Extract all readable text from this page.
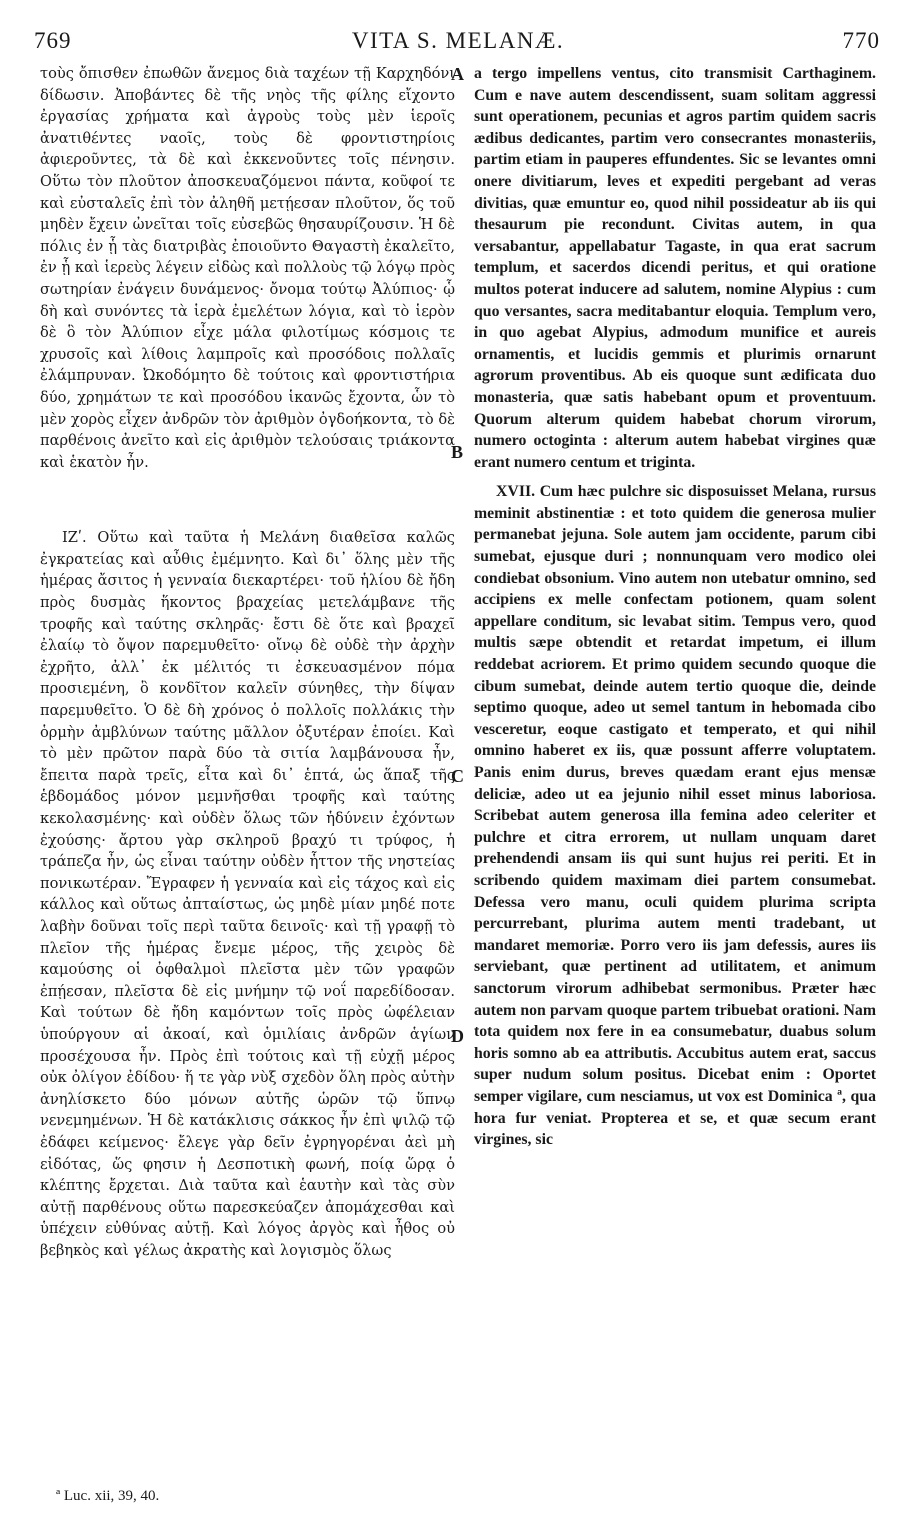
769	VITA S. MELANÆ.	770

τοὺς ὄπισθεν ἐπωθῶν ἄνεμος διὰ ταχέων τῇ Καρχηδόνι δίδωσιν. Ἀποβάντες δὲ τῆς νηὸς τῆς φίλης εἴχοντο ἐργασίας χρήματα καὶ ἀγροὺς τοὺς μὲν ἱεροῖς ἀνατιθέντες ναοῖς, τοὺς δὲ φροντιστηρίοις ἀφιεροῦντες, τὰ δὲ καὶ ἐκκενοῦντες τοῖς πένησιν. Οὕτω τὸν πλοῦτον ἀποσκευαζόμενοι πάντα, κοῦφοί τε καὶ εὐσταλεῖς ἐπὶ τὸν ἀληθῆ μετῄεσαν πλοῦτον, ὅς τοῦ μηδὲν ἔχειν ὠνεῖται τοῖς εὐσεβῶς θησαυρίζουσιν. Ἡ δὲ πόλις ἐν ᾗ τὰς διατριβὰς ἐποιοῦντο Θαγαστὴ ἐκαλεῖτο, ἐν ᾗ καὶ ἱερεὺς λέγειν εἰδὼς καὶ πολλοὺς τῷ λόγῳ πρὸς σωτηρίαν ἐνάγειν δυνάμενος· ὄνομα τούτῳ Ἀλύπιος· ᾧ δὴ καὶ συνόντες τὰ ἱερὰ ἐμελέτων λόγια, καὶ τὸ ἱερὸν δὲ ὃ τὸν Ἀλύπιον εἶχε μάλα φιλοτίμως κόσμοις τε χρυσοῖς καὶ λίθοις λαμπροῖς καὶ προσόδοις πολλαῖς ἐλάμπρυναν. Ὠκοδόμητο δὲ τούτοις καὶ φροντιστήρια δύο, χρημάτων τε καὶ προσόδου ἱκανῶς ἔχοντα, ὧν τὸ μὲν χορὸς εἶχεν ἀνδρῶν τὸν ἀριθμὸν ὀγδοήκοντα, τὸ δὲ παρθένοις ἀνεῖτο καὶ εἰς ἀριθμὸν τελούσαις τριάκοντα καὶ ἑκατὸν ἦν.

ΙΖʹ. Οὕτω καὶ ταῦτα ἡ Μελάνη διαθεῖσα καλῶς ἐγκρατείας καὶ αὖθις ἐμέμνητο. Καὶ δι᾽ ὅλης μὲν τῆς ἡμέρας ἄσιτος ἡ γενναία διεκαρτέρει· τοῦ ἡλίου δὲ ἤδη πρὸς δυσμὰς ἥκοντος βραχείας μετελάμβανε τῆς τροφῆς καὶ ταύτης σκληρᾶς· ἔστι δὲ ὅτε καὶ βραχεῖ ἐλαίῳ τὸ ὄψον παρεμυθεῖτο· οἴνῳ δὲ οὐδὲ τὴν ἀρχὴν ἐχρῆτο, ἀλλ᾽ ἐκ μέλιτός τι ἐσκευασμένον πόμα προσιεμένη, ὃ κονδῖτον καλεῖν σύνηθες, τὴν δίψαν παρεμυθεῖτο. Ὁ δὲ δὴ χρόνος ὁ πολλοῖς πολλάκις τὴν ὁρμὴν ἀμβλύνων ταύτης μᾶλλον ὀξυτέραν ἐποίει. Καὶ τὸ μὲν πρῶτον παρὰ δύο τὰ σιτία λαμβάνουσα ἦν, ἔπειτα παρὰ τρεῖς, εἶτα καὶ δι᾽ ἑπτά, ὡς ἅπαξ τῆς ἑβδομάδος μόνον μεμνῆσθαι τροφῆς καὶ ταύτης κεκολασμένης· καὶ οὐδὲν ὅλως τῶν ἡδύνειν ἐχόντων ἐχούσης· ἄρτου γὰρ σκληροῦ βραχύ τι τρύφος, ἡ τράπεζα ἦν, ὡς εἶναι ταύτην οὐδὲν ἧττον τῆς νηστείας πονικωτέραν. Ἔγραφεν ἡ γενναία καὶ εἰς τάχος καὶ εἰς κάλλος καὶ οὕτως ἀπταίστως, ὡς μηδὲ μίαν μηδέ ποτε λαβὴν δοῦναι τοῖς περὶ ταῦτα δεινοῖς· καὶ τῇ γραφῇ τὸ πλεῖον τῆς ἡμέρας ἔνεμε μέρος, τῆς χειρὸς δὲ καμούσης οἱ ὀφθαλμοὶ πλεῖστα μὲν τῶν γραφῶν ἐπῄεσαν, πλεῖστα δὲ εἰς μνήμην τῷ νοΐ παρεδίδοσαν. Καὶ τούτων δὲ ἤδη καμόντων τοῖς πρὸς ὠφέλειαν ὑπούργουν αἱ ἀκοαί, καὶ ὁμιλίαις ἀνδρῶν ἁγίων προσέχουσα ἦν. Πρὸς ἐπὶ τούτοις καὶ τῇ εὐχῇ μέρος οὐκ ὀλίγον ἐδίδου· ἥ τε γὰρ νὺξ σχεδὸν ὅλη πρὸς αὐτὴν ἀνηλίσκετο δύο μόνων αὐτῆς ὡρῶν τῷ ὕπνῳ νενεμημένων. Ἡ δὲ κατάκλισις σάκκος ἦν ἐπὶ ψιλῷ τῷ ἐδάφει κείμενος· ἔλεγε γὰρ δεῖν ἐγρηγορέναι ἀεὶ μὴ εἰδότας, ὥς φησιν ἡ Δεσποτικὴ φωνή, ποίᾳ ὥρᾳ ὁ κλέπτης ἔρχεται. Διὰ ταῦτα καὶ ἑαυτὴν καὶ τὰς σὺν αὐτῇ παρθένους οὕτω παρεσκεύαζεν ἀπομάχεσθαι καὶ ὑπέχειν εὐθύνας αὐτῇ. Καὶ λόγος ἀργὸς καὶ ἦθος οὐ βεβηκὸς καὶ γέλως ἀκρατὴς καὶ λογισμὸς ὅλως

a tergo impellens ventus, cito transmisit Carthaginem. Cum e nave autem descendissent, suam solitam aggressi sunt operationem, pecunias et agros partim quidem sacris ædibus dedicantes, partim vero consecrantes monasteriis, partim etiam in pauperes effundentes. Sic se levantes omni onere divitiarum, leves et expediti pergebant ad veras divitias, quæ emuntur eo, quod nihil possideatur ab iis qui thesaurum pie recondunt. Civitas autem, in qua versabantur, appellabatur Tagaste, in qua erat sacrum templum, et sacerdos dicendi peritus, et qui oratione multos poterat inducere ad salutem, nomine Alypius : cum quo versantes, sacra meditabantur eloquia. Templum vero, in quo agebat Alypius, admodum munifice et aureis ornamentis, et lucidis gemmis et plurimis ornarunt agrorum proventibus. Ab eis quoque sunt ædificata duo monasteria, quæ satis habebant opum et proventuum. Quorum alterum quidem habebat chorum virorum, numero octoginta : alterum autem habebat virgines quæ erant numero centum et triginta.

XVII. Cum hæc pulchre sic disposuisset Melana, rursus meminit abstinentiæ : et toto quidem die generosa mulier permanebat jejuna. Sole autem jam occidente, parum cibi sumebat, ejusque duri ; nonnunquam vero modico olei condiebat obsonium. Vino autem non utebatur omnino, sed accipiens ex melle confectam potionem, quam solent appellare conditum, sic levabat sitim. Tempus vero, quod multis sæpe obtendit et retardat impetum, ei illum reddebat acriorem. Et primo quidem secundo quoque die cibum sumebat, deinde autem tertio quoque die, deinde septimo quoque, adeo ut semel tantum in hebomada cibo vesceretur, eoque castigato et temperato, et qui nihil omnino haberet ex iis, quæ possunt afferre voluptatem. Panis enim durus, breves quædam erant ejus mensæ deliciæ, adeo ut ea jejunio nihil esset minus laboriosa. Scribebat autem generosa illa femina adeo celeriter et pulchre et citra errorem, ut nullam unquam daret prehendendi ansam iis qui sunt hujus rei periti. Et in scribendo quidem maximam diei partem consumebat. Defessa vero manu, oculi quidem plurima scripta percurrebant, plurima autem menti tradebant, ut mandaret memoriæ. Porro vero iis jam defessis, aures iis serviebant, quæ pertinent ad utilitatem, et animum sanctorum virorum adhibebat sermonibus. Præter hæc autem non parvam quoque partem tribuebat orationi. Nam tota quidem nox fere in ea consumebatur, duabus solum horis somno ab ea attributis. Accubitus autem erat, saccus super nudum solum positus. Dicebat enim : Oportet semper vigilare, cum nesciamus, ut vox est Dominica ª, qua hora fur veniat. Propterea et se, et quæ secum erant virgines, sic

A
B
C
D
ª Luc. xii, 39, 40.
